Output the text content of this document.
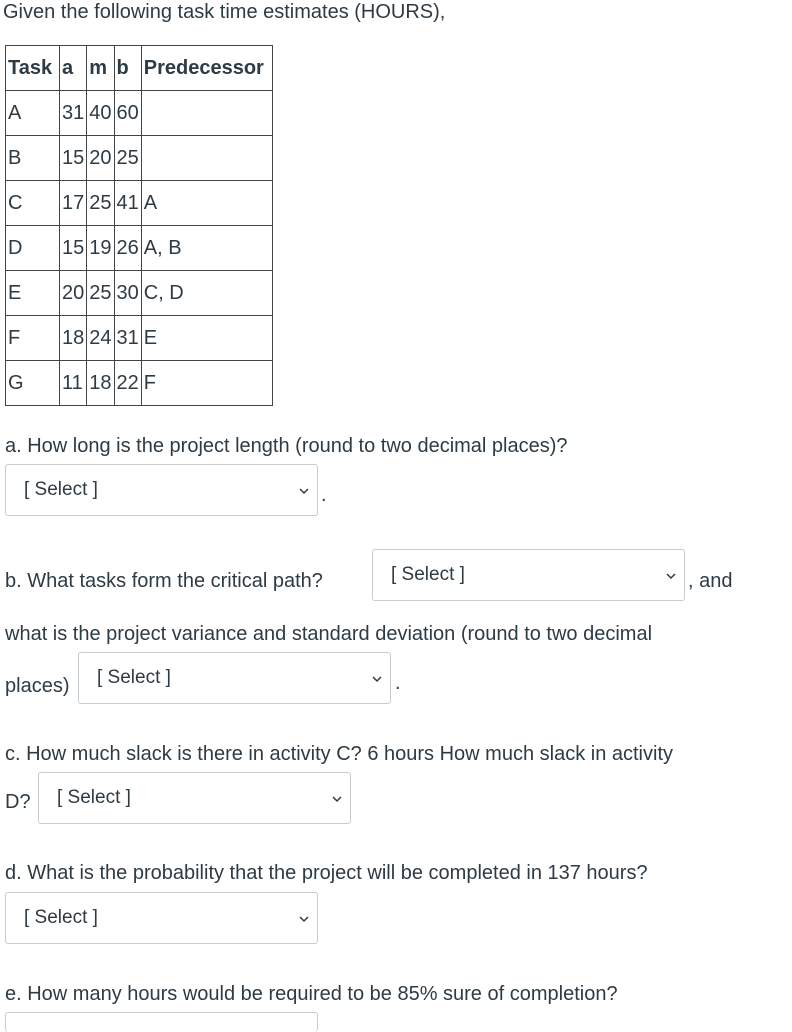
Given the following task time estimates (HOURS),
Task	a	m	b	Predecessor
A	31	40	60	
B	15	20	25	
C	17	25	41	A
D	15	19	26	A, B
E	20	25	30	C, D
F	18	24	31	E
G	11	18	22	F
a. How long is the project length (round to two decimal places)?
[ Select ]	.
b. What tasks form the critical path?	[ Select ]	, and
what is the project variance and standard deviation (round to two decimal
places) [ Select ]	.
c. How much slack is there in activity C? 6 hours How much slack in activity
D? [ Select ]
d. What is the probability that the project will be completed in 137 hours?
[ Select ]
e. How many hours would be required to be 85% sure of completion?
